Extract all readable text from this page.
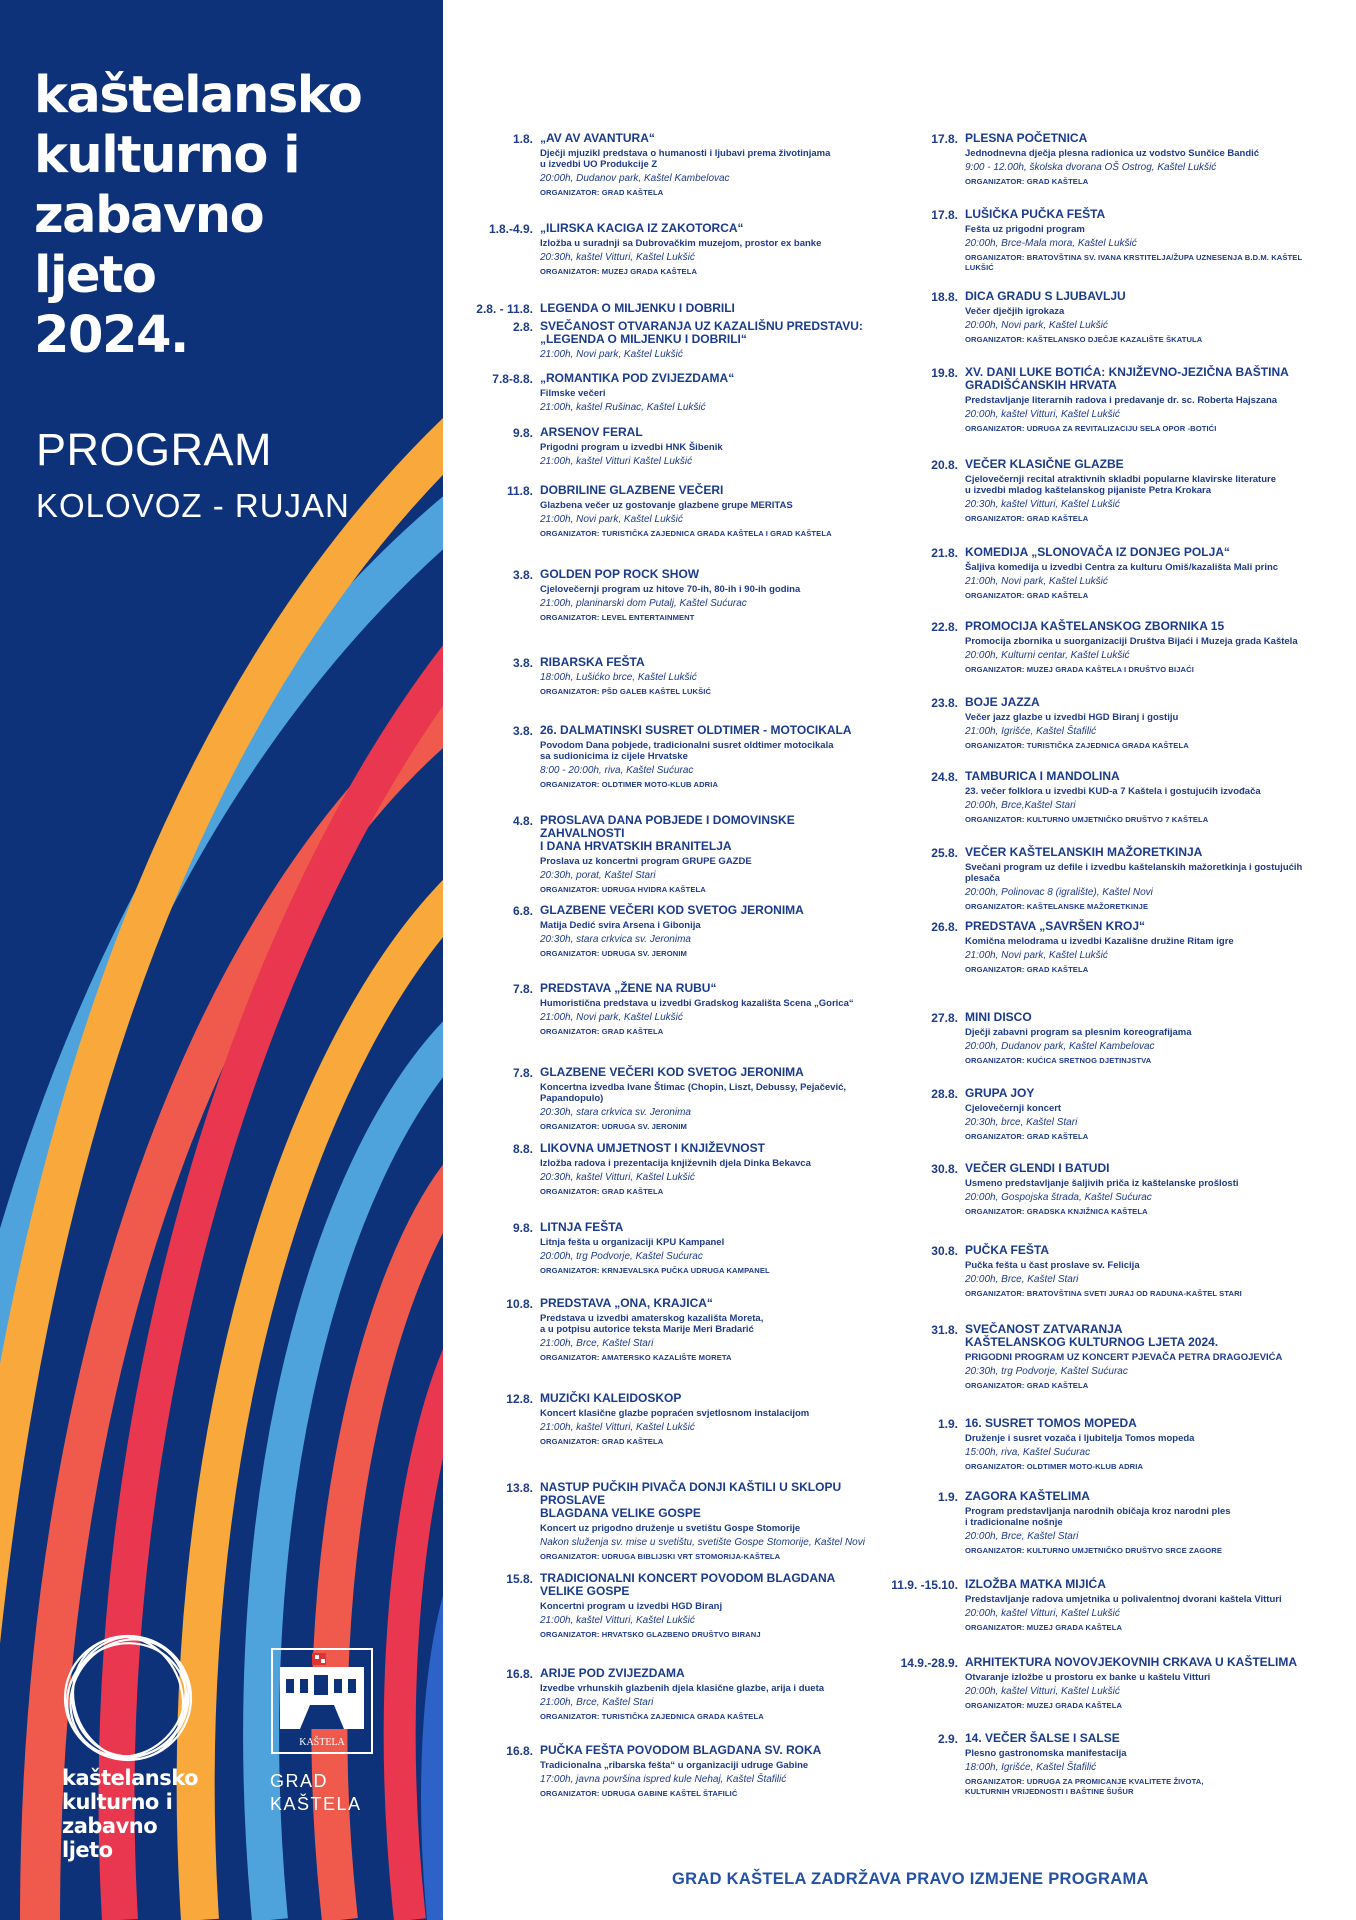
kaštelansko
kulturno i
zabavno
ljeto
2024.
PROGRAM
KOLOVOZ - RUJAN
kaštelansko
kulturno i
zabavno
ljeto
KAŠTELA
GRAD
KAŠTELA
1.8. „AV AV AVANTURA“
Dječji mjuzikl predstava o humanosti i ljubavi prema životinjama
u izvedbi UO Produkcije Z
20:00h, Dudanov park, Kaštel Kambelovac
ORGANIZATOR: GRAD KAŠTELA
1.8.-4.9. „ILIRSKA KACIGA IZ ZAKOTORCA“
Izložba u suradnji sa Dubrovačkim muzejom, prostor ex banke
20:30h, kaštel Vitturi, Kaštel Lukšić
ORGANIZATOR: MUZEJ GRADA KAŠTELA
2.8. - 11.8. LEGENDA O MILJENKU I DOBRILI
2.8. SVEČANOST OTVARANJA UZ KAZALIŠNU PREDSTAVU:
„LEGENDA O MILJENKU I DOBRILI“
21:00h, Novi park, Kaštel Lukšić
7.8-8.8. „ROMANTIKA POD ZVIJEZDAMA“
Filmske večeri
21:00h, kaštel Rušinac, Kaštel Lukšić
9.8. ARSENOV FERAL
Prigodni program u izvedbi HNK Šibenik
21:00h, kaštel Vitturi Kaštel Lukšić
11.8. DOBRILINE GLAZBENE VEČERI
Glazbena večer uz gostovanje glazbene grupe MERITAS
21:00h, Novi park, Kaštel Lukšić
ORGANIZATOR: TURISTIČKA ZAJEDNICA GRADA KAŠTELA I GRAD KAŠTELA
3.8. GOLDEN POP ROCK SHOW
Cjelovečernji program uz hitove 70-ih, 80-ih i 90-ih godina
21:00h, planinarski dom Putalj, Kaštel Sućurac
ORGANIZATOR: LEVEL ENTERTAINMENT
3.8. RIBARSKA FEŠTA
18:00h, Lušićko brce, Kaštel Lukšić
ORGANIZATOR: PŠD GALEB KAŠTEL LUKŠIĆ
3.8. 26. DALMATINSKI SUSRET OLDTIMER - MOTOCIKALA
Povodom Dana pobjede, tradicionalni susret oldtimer motocikala
sa sudionicima iz cijele Hrvatske
8:00 - 20:00h, riva, Kaštel Sućurac
ORGANIZATOR: OLDTIMER MOTO-KLUB ADRIA
4.8. PROSLAVA DANA POBJEDE I DOMOVINSKE ZAHVALNOSTI
I DANA HRVATSKIH BRANITELJA
Proslava uz koncertni program GRUPE GAZDE
20:30h, porat, Kaštel Stari
ORGANIZATOR: UDRUGA HVIDRA KAŠTELA
6.8. GLAZBENE VEČERI KOD SVETOG JERONIMA
Matija Dedić svira Arsena i Gibonija
20:30h, stara crkvica sv. Jeronima
ORGANIZATOR: UDRUGA SV. JERONIM
7.8. PREDSTAVA „ŽENE NA RUBU“
Humoristična predstava u izvedbi Gradskog kazališta Scena „Gorica“
21:00h, Novi park, Kaštel Lukšić
ORGANIZATOR: GRAD KAŠTELA
7.8. GLAZBENE VEČERI KOD SVETOG JERONIMA
Koncertna izvedba Ivane Štimac (Chopin, Liszt, Debussy, Pejačević, Papandopulo)
20:30h, stara crkvica sv. Jeronima
ORGANIZATOR: UDRUGA SV. JERONIM
8.8. LIKOVNA UMJETNOST I KNJIŽEVNOST
Izložba radova i prezentacija književnih djela Dinka Bekavca
20:30h, kaštel Vitturi, Kaštel Lukšić
ORGANIZATOR: GRAD KAŠTELA
9.8. LITNJA FEŠTA
Litnja fešta u organizaciji KPU Kampanel
20:00h, trg Podvorje, Kaštel Sućurac
ORGANIZATOR: KRNJEVALSKA PUČKA UDRUGA KAMPANEL
10.8. PREDSTAVA „ONA, KRAJICA“
Predstava u izvedbi amaterskog kazališta Moreta,
a u potpisu autorice teksta Marije Meri Bradarić
21:00h, Brce, Kaštel Stari
ORGANIZATOR: AMATERSKO KAZALIŠTE MORETA
12.8. MUZIČKI KALEIDOSKOP
Koncert klasične glazbe popraćen svjetlosnom instalacijom
21:00h, kaštel Vitturi, Kaštel Lukšić
ORGANIZATOR: GRAD KAŠTELA
13.8. NASTUP PUČKIH PIVAČA DONJI KAŠTILI U SKLOPU PROSLAVE
BLAGDANA VELIKE GOSPE
Koncert uz prigodno druženje u svetištu Gospe Stomorije
Nakon služenja sv. mise u svetištu, svetište Gospe Stomorije, Kaštel Novi
ORGANIZATOR: UDRUGA BIBLIJSKI VRT STOMORIJA-KAŠTELA
15.8. TRADICIONALNI KONCERT POVODOM BLAGDANA
VELIKE GOSPE
Koncertni program u izvedbi HGD Biranj
21:00h, kaštel Vitturi, Kaštel Lukšić
ORGANIZATOR: HRVATSKO GLAZBENO DRUŠTVO BIRANJ
16.8. ARIJE POD ZVIJEZDAMA
Izvedbe vrhunskih glazbenih djela klasične glazbe, arija i dueta
21:00h, Brce, Kaštel Stari
ORGANIZATOR: TURISTIČKA ZAJEDNICA GRADA KAŠTELA
16.8. PUČKA FEŠTA POVODOM BLAGDANA SV. ROKA
Tradicionalna „ribarska fešta“ u organizaciji udruge Gabine
17:00h, javna površina ispred kule Nehaj, Kaštel Štafilić
ORGANIZATOR: UDRUGA GABINE KAŠTEL ŠTAFILIĆ
17.8. PLESNA POČETNICA
Jednodnevna dječja plesna radionica uz vodstvo Sunčice Bandić
9:00 - 12.00h, školska dvorana OŠ Ostrog, Kaštel Lukšić
ORGANIZATOR: GRAD KAŠTELA
17.8. LUŠIČKA PUČKA FEŠTA
Fešta uz prigodni program
20:00h, Brce-Mala mora, Kaštel Lukšić
ORGANIZATOR: BRATOVŠTINA SV. IVANA KRSTITELJA/ŽUPA UZNESENJA B.D.M. KAŠTEL LUKŠIĆ
18.8. DICA GRADU S LJUBAVLJU
Večer dječjih igrokaza
20:00h, Novi park, Kaštel Lukšić
ORGANIZATOR: KAŠTELANSKO DJEČJE KAZALIŠTE ŠKATULA
19.8. XV. DANI LUKE BOTIĆA: KNJIŽEVNO-JEZIČNA BAŠTINA
GRADIŠĆANSKIH HRVATA
Predstavljanje literarnih radova i predavanje dr. sc. Roberta Hajszana
20:00h, kaštel Vitturi, Kaštel Lukšić
ORGANIZATOR: UDRUGA ZA REVITALIZACIJU SELA OPOR -BOTIĆI
20.8. VEČER KLASIČNE GLAZBE
Cjelovečernji recital atraktivnih skladbi popularne klavirske literature
u izvedbi mladog kaštelanskog pijaniste Petra Krokara
20:30h, kaštel Vitturi, Kaštel Lukšić
ORGANIZATOR: GRAD KAŠTELA
21.8. KOMEDIJA „SLONOVAČA IZ DONJEG POLJA“
Šaljiva komedija u izvedbi Centra za kulturu Omiš/kazališta Mali princ
21:00h, Novi park, Kaštel Lukšić
ORGANIZATOR: GRAD KAŠTELA
22.8. PROMOCIJA KAŠTELANSKOG ZBORNIKA 15
Promocija zbornika u suorganizaciji Društva Bijaći i Muzeja grada Kaštela
20:00h, Kulturni centar, Kaštel Lukšić
ORGANIZATOR: MUZEJ GRADA KAŠTELA I DRUŠTVO BIJAĆI
23.8. BOJE JAZZA
Večer jazz glazbe u izvedbi HGD Biranj i gostiju
21:00h, Igrišće, Kaštel Štafilić
ORGANIZATOR: TURISTIČKA ZAJEDNICA GRADA KAŠTELA
24.8. TAMBURICA I MANDOLINA
23. večer folklora u izvedbi KUD-a 7 Kaštela i gostujućih izvođača
20:00h, Brce,Kaštel Stari
ORGANIZATOR: KULTURNO UMJETNIČKO DRUŠTVO 7 KAŠTELA
25.8. VEČER KAŠTELANSKIH MAŽORETKINJA
Svečani program uz defile i izvedbu kaštelanskih mažoretkinja i gostujućih plesača
20:00h, Polinovac 8 (igralište), Kaštel Novi
ORGANIZATOR: KAŠTELANSKE MAŽORETKINJE
26.8. PREDSTAVA „SAVRŠEN KROJ“
Komična melodrama u izvedbi Kazališne družine Ritam igre
21:00h, Novi park, Kaštel Lukšić
ORGANIZATOR: GRAD KAŠTELA
27.8. MINI DISCO
Dječji zabavni program sa plesnim koreografijama
20:00h, Dudanov park, Kaštel Kambelovac
ORGANIZATOR: KUĆICA SRETNOG DJETINJSTVA
28.8. GRUPA JOY
Cjelovečernji koncert
20:30h, brce, Kaštel Stari
ORGANIZATOR: GRAD KAŠTELA
30.8. VEČER GLENDI I BATUDI
Usmeno predstavljanje šaljivih priča iz kaštelanske prošlosti
20:00h, Gospojska štrada, Kaštel Sućurac
ORGANIZATOR: GRADSKA KNJIŽNICA KAŠTELA
30.8. PUČKA FEŠTA
Pučka fešta u čast proslave sv. Felicija
20:00h, Brce, Kaštel Stari
ORGANIZATOR: BRATOVŠTINA SVETI JURAJ OD RADUNA-KAŠTEL STARI
31.8. SVEČANOST ZATVARANJA
KAŠTELANSKOG KULTURNOG LJETA 2024.
PRIGODNI PROGRAM UZ KONCERT PJEVAČA PETRA DRAGOJEVIĆA
20:30h, trg Podvorje, Kaštel Sućurac
ORGANIZATOR: GRAD KAŠTELA
1.9. 16. SUSRET TOMOS MOPEDA
Druženje i susret vozača i ljubitelja Tomos mopeda
15:00h, riva, Kaštel Sućurac
ORGANIZATOR: OLDTIMER MOTO-KLUB ADRIA
1.9. ZAGORA KAŠTELIMA
Program predstavljanja narodnih običaja kroz narodni ples
i tradicionalne nošnje
20:00h, Brce, Kaštel Stari
ORGANIZATOR: KULTURNO UMJETNIČKO DRUŠTVO SRCE ZAGORE
11.9. -15.10. IZLOŽBA MATKA MIJIĆA
Predstavljanje radova umjetnika u polivalentnoj dvorani kaštela Vitturi
20:00h, kaštel Vitturi, Kaštel Lukšić
ORGANIZATOR: MUZEJ GRADA KAŠTELA
14.9.-28.9. ARHITEKTURA NOVOVJEKOVNIH CRKAVA U KAŠTELIMA
Otvaranje izložbe u prostoru ex banke u kaštelu Vitturi
20:00h, kaštel Vitturi, Kaštel Lukšić
ORGANIZATOR: MUZEJ GRADA KAŠTELA
2.9. 14. VEČER ŠALSE I SALSE
Plesno gastronomska manifestacija
18:00h, Igrišće, Kaštel Štafilić
ORGANIZATOR: UDRUGA ZA PROMICANJE KVALITETE ŽIVOTA,
KULTURNIH VRIJEDNOSTI I BAŠTINE ŠUŠUR
GRAD KAŠTELA ZADRŽAVA PRAVO IZMJENE PROGRAMA
